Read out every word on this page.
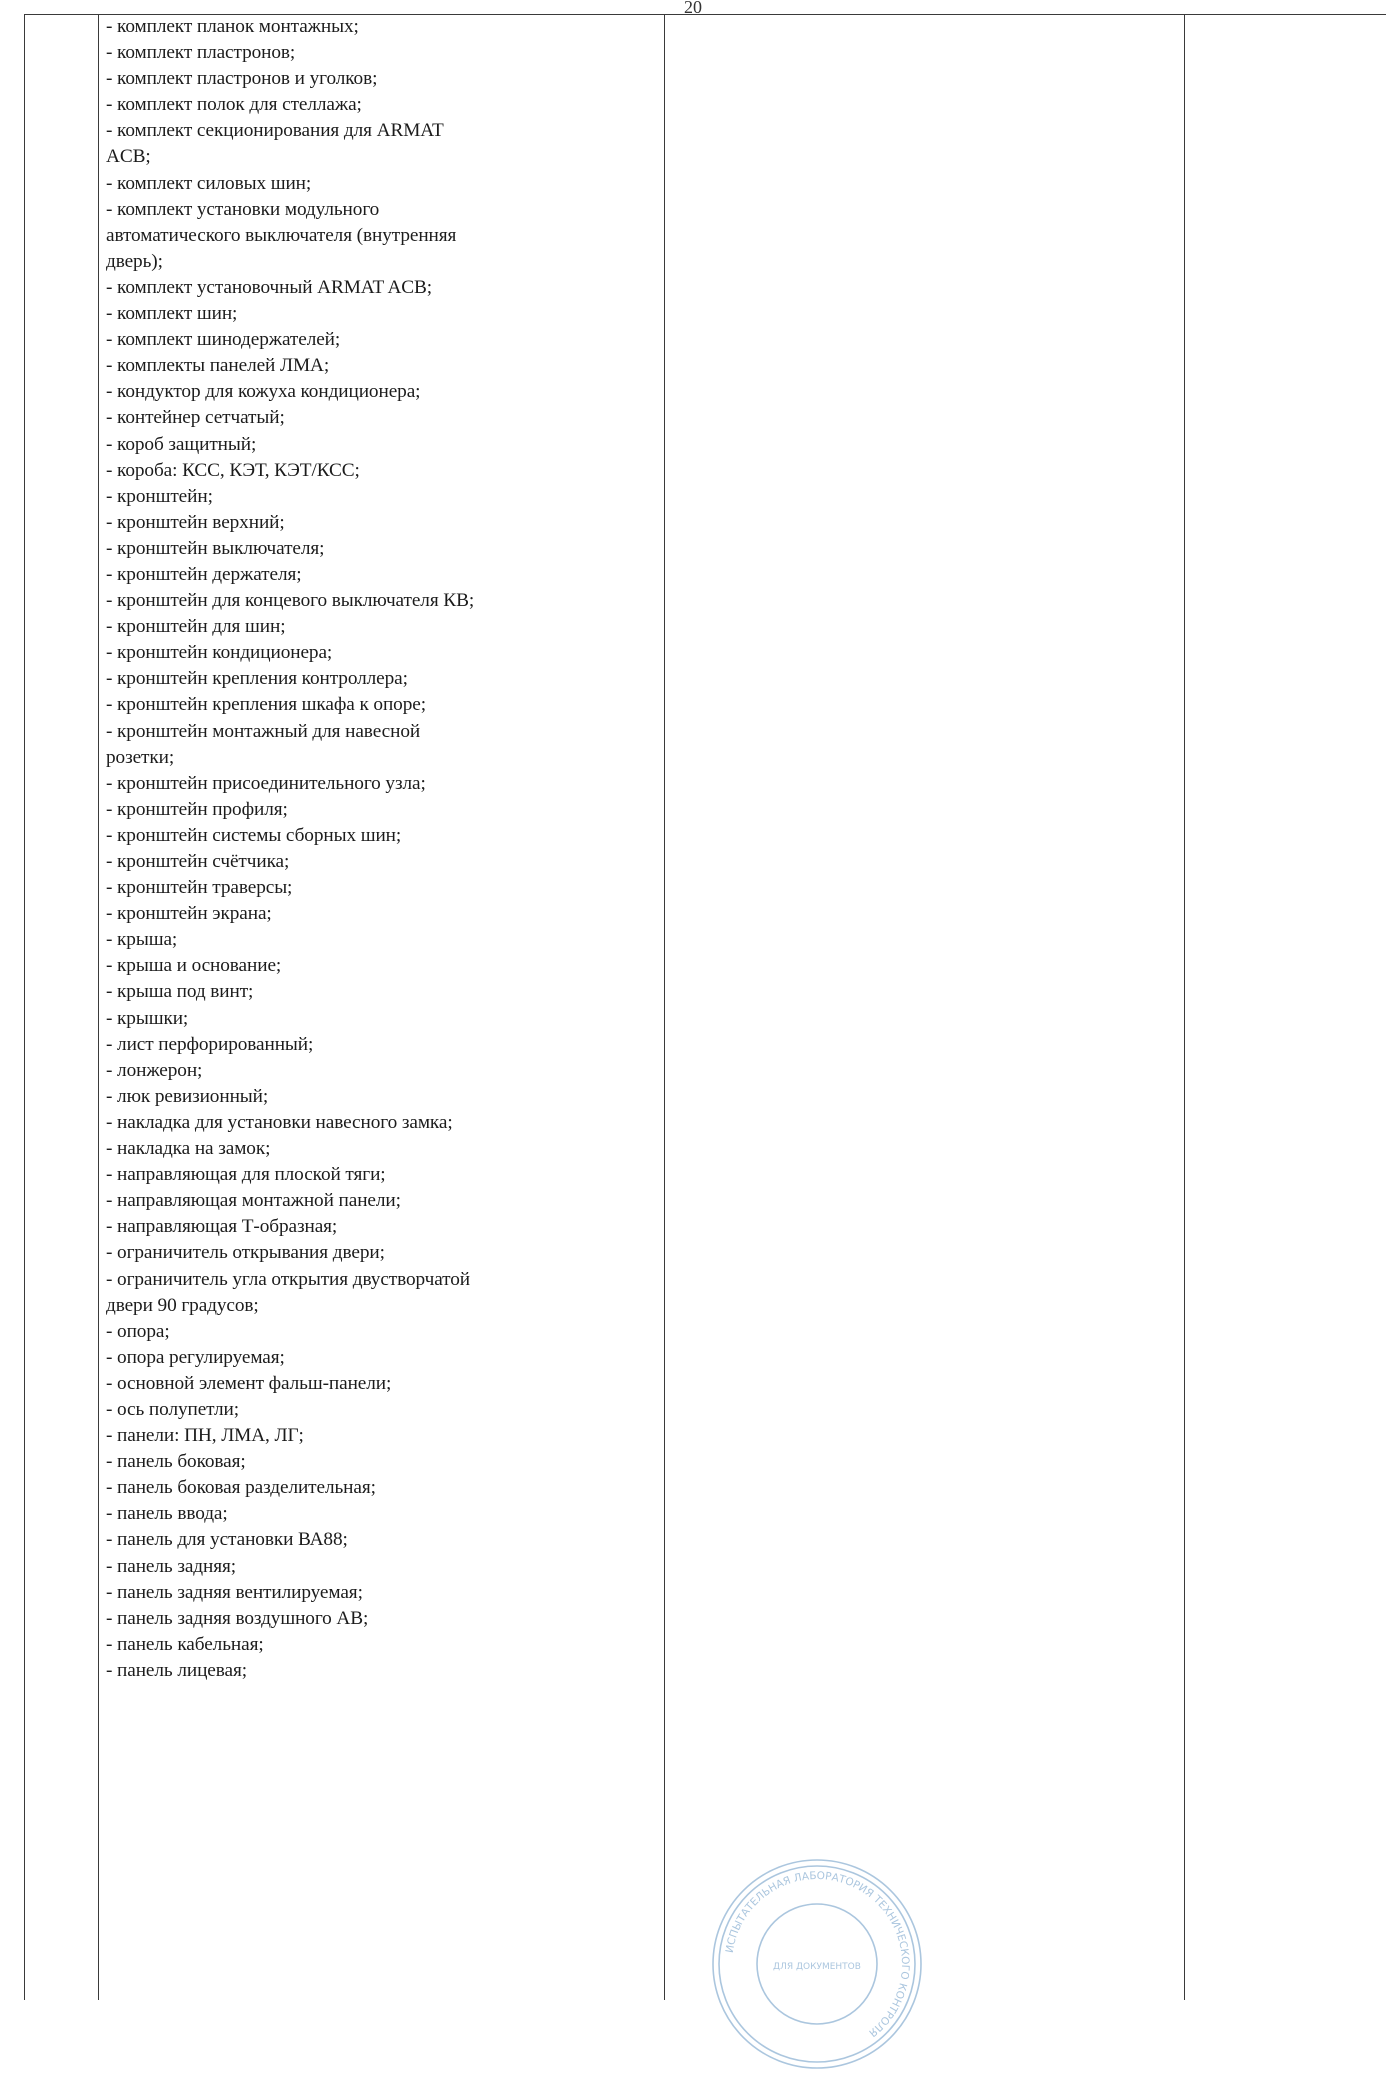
20
- комплект планок монтажных;
- комплект пластронов;
- комплект пластронов и уголков;
- комплект полок для стеллажа;
- комплект секционирования для ARMAT
ACB;
- комплект силовых шин;
- комплект установки модульного
автоматического выключателя (внутренняя
дверь);
- комплект установочный ARMAT ACB;
- комплект шин;
- комплект шинодержателей;
- комплекты панелей ЛМА;
- кондуктор для кожуха кондиционера;
- контейнер сетчатый;
- короб защитный;
- короба: КСС, КЭТ, КЭТ/КСС;
- кронштейн;
- кронштейн верхний;
- кронштейн выключателя;
- кронштейн держателя;
- кронштейн для концевого выключателя КВ;
- кронштейн для шин;
- кронштейн кондиционера;
- кронштейн крепления контроллера;
- кронштейн крепления шкафа к опоре;
- кронштейн монтажный для навесной
розетки;
- кронштейн присоединительного узла;
- кронштейн профиля;
- кронштейн системы сборных шин;
- кронштейн счётчика;
- кронштейн траверсы;
- кронштейн экрана;
- крыша;
- крыша и основание;
- крыша под винт;
- крышки;
- лист перфорированный;
- лонжерон;
- люк ревизионный;
- накладка для установки навесного замка;
- накладка на замок;
- направляющая для плоской тяги;
- направляющая монтажной панели;
- направляющая Т-образная;
- ограничитель открывания двери;
- ограничитель угла открытия двустворчатой
двери 90 градусов;
- опора;
- опора регулируемая;
- основной элемент фальш-панели;
- ось полупетли;
- панели: ПН, ЛМА, ЛГ;
- панель боковая;
- панель боковая разделительная;
- панель ввода;
- панель для установки ВА88;
- панель задняя;
- панель задняя вентилируемая;
- панель задняя воздушного АВ;
- панель кабельная;
- панель лицевая;
ИСПЫТАТЕЛЬНАЯ ЛАБОРАТОРИЯ ТЕХНИЧЕСКОГО КОНТРОЛЯ
ДЛЯ ДОКУМЕНТОВ
